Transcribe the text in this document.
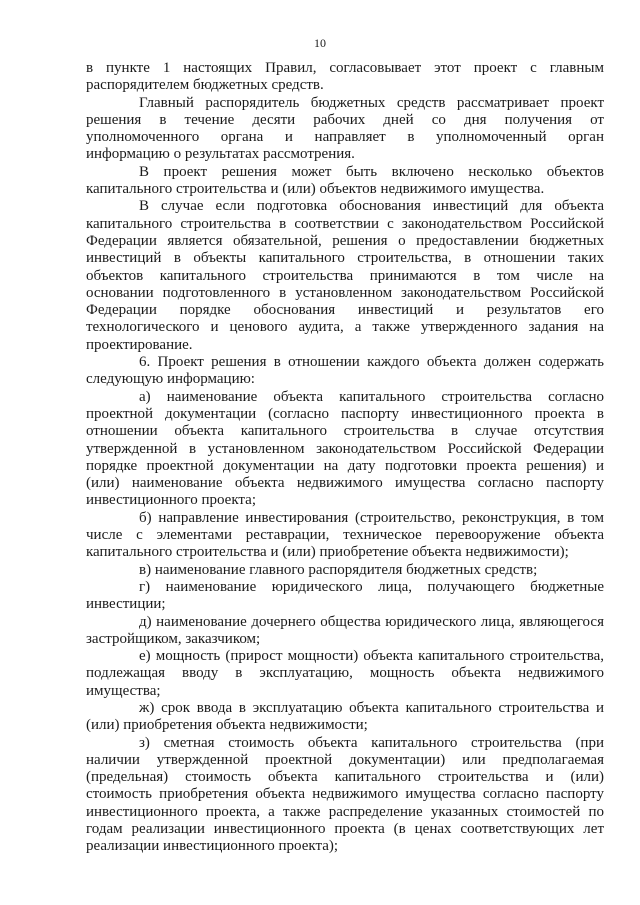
10
в пункте 1 настоящих Правил, согласовывает этот проект с главным
распорядителем бюджетных средств.
Главный распорядитель бюджетных средств рассматривает проект
решения в течение десяти рабочих дней со дня получения от
уполномоченного органа и направляет в уполномоченный орган
информацию о результатах рассмотрения.
В проект решения может быть включено несколько объектов
капитального строительства и (или) объектов недвижимого имущества.
В случае если подготовка обоснования инвестиций для объекта
капитального строительства в соответствии с законодательством Российской
Федерации является обязательной, решения о предоставлении бюджетных
инвестиций в объекты капитального строительства, в отношении таких
объектов капитального строительства принимаются в том числе на
основании подготовленного в установленном законодательством Российской
Федерации порядке обоснования инвестиций и результатов его
технологического и ценового аудита, а также утвержденного задания на
проектирование.
6. Проект решения в отношении каждого объекта должен содержать
следующую информацию:
а) наименование объекта капитального строительства согласно
проектной документации (согласно паспорту инвестиционного проекта в
отношении объекта капитального строительства в случае отсутствия
утвержденной в установленном законодательством Российской Федерации
порядке проектной документации на дату подготовки проекта решения) и
(или) наименование объекта недвижимого имущества согласно паспорту
инвестиционного проекта;
б) направление инвестирования (строительство, реконструкция, в том
числе с элементами реставрации, техническое перевооружение объекта
капитального строительства и (или) приобретение объекта недвижимости);
в) наименование главного распорядителя бюджетных средств;
г) наименование юридического лица, получающего бюджетные
инвестиции;
д) наименование дочернего общества юридического лица, являющегося
застройщиком, заказчиком;
е) мощность (прирост мощности) объекта капитального строительства,
подлежащая вводу в эксплуатацию, мощность объекта недвижимого
имущества;
ж) срок ввода в эксплуатацию объекта капитального строительства и
(или) приобретения объекта недвижимости;
з) сметная стоимость объекта капитального строительства (при
наличии утвержденной проектной документации) или предполагаемая
(предельная) стоимость объекта капитального строительства и (или)
стоимость приобретения объекта недвижимого имущества согласно паспорту
инвестиционного проекта, а также распределение указанных стоимостей по
годам реализации инвестиционного проекта (в ценах соответствующих лет
реализации инвестиционного проекта);
